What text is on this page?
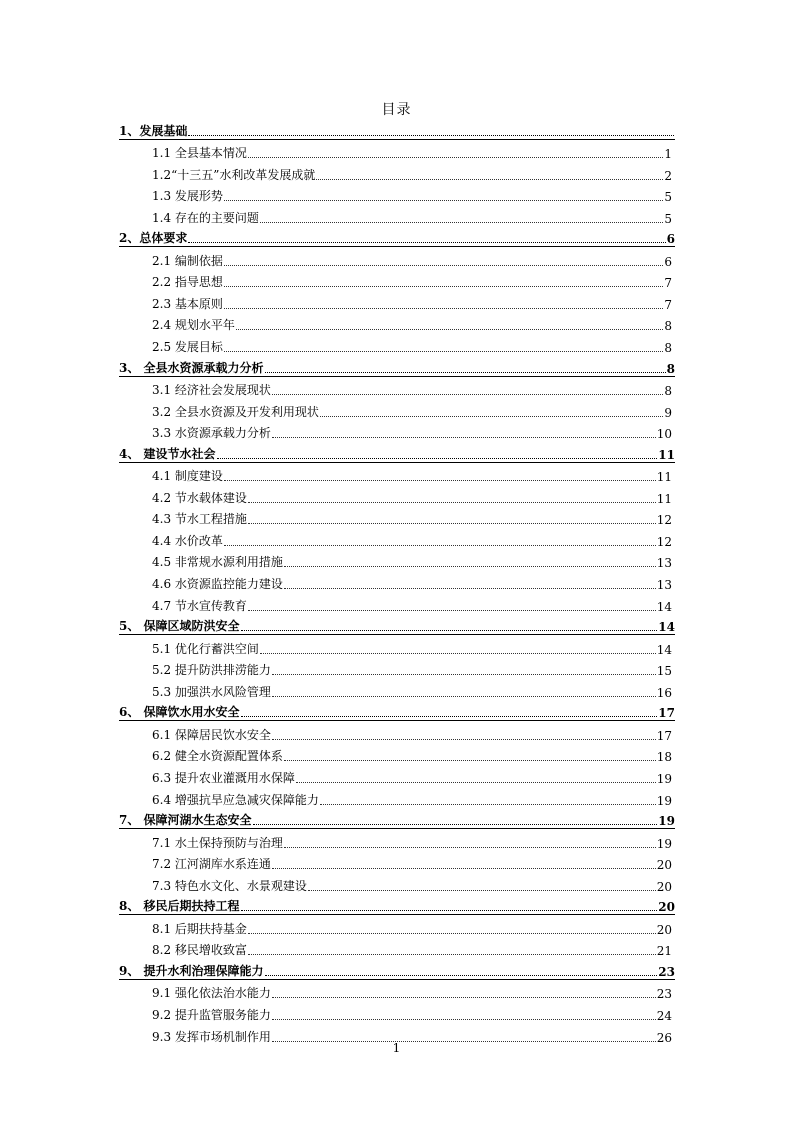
目录
1、发展基础
1.1 全县基本情况	1
1.2“十三五”水利改革发展成就	2
1.3 发展形势	5
1.4 存在的主要问题	5
2、总体要求	6
2.1 编制依据	6
2.2 指导思想	7
2.3 基本原则	7
2.4 规划水平年	8
2.5 发展目标	8
3、 全县水资源承载力分析	8
3.1 经济社会发展现状	8
3.2 全县水资源及开发利用现状	9
3.3 水资源承载力分析	10
4、 建设节水社会	11
4.1 制度建设	11
4.2 节水载体建设	11
4.3 节水工程措施	12
4.4 水价改革	12
4.5 非常规水源利用措施	13
4.6 水资源监控能力建设	13
4.7 节水宣传教育	14
5、 保障区域防洪安全	14
5.1 优化行蓄洪空间	14
5.2 提升防洪排涝能力	15
5.3 加强洪水风险管理	16
6、 保障饮水用水安全	17
6.1 保障居民饮水安全	17
6.2 健全水资源配置体系	18
6.3 提升农业灌溉用水保障	19
6.4 增强抗旱应急减灾保障能力	19
7、 保障河湖水生态安全	19
7.1 水土保持预防与治理	19
7.2 江河湖库水系连通	20
7.3 特色水文化、水景观建设	20
8、 移民后期扶持工程	20
8.1 后期扶持基金	20
8.2 移民增收致富	21
9、 提升水利治理保障能力	23
9.1 强化依法治水能力	23
9.2 提升监管服务能力	24
9.3 发挥市场机制作用	26
1
